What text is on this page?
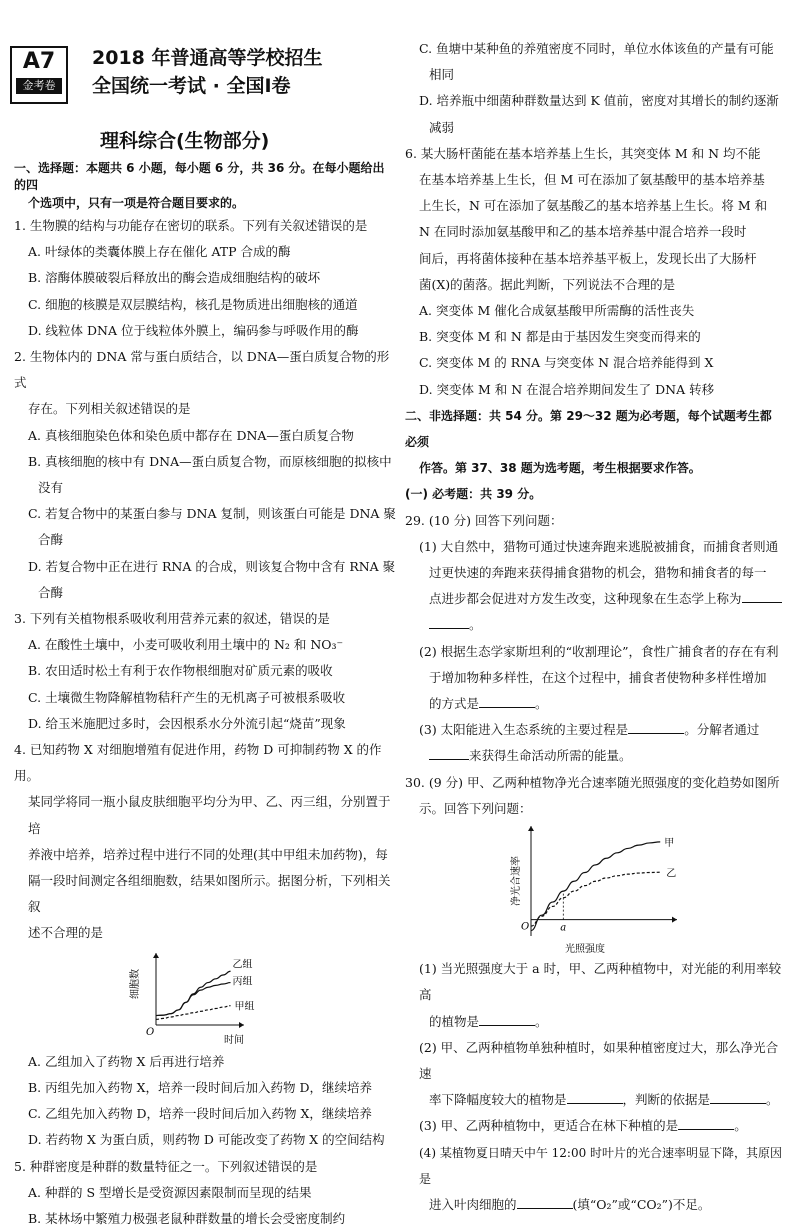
A7
金考卷
2018 年普通高等学校招生
全国统一考试 · 全国Ⅰ卷
理科综合(生物部分)

一、选择题：本题共 6 小题，每小题 6 分，共 36 分。在每小题给出的四

个选项中，只有一项是符合题目要求的。

1. 生物膜的结构与功能存在密切的联系。下列有关叙述错误的是

A. 叶绿体的类囊体膜上存在催化 ATP 合成的酶

B. 溶酶体膜破裂后释放出的酶会造成细胞结构的破坏

C. 细胞的核膜是双层膜结构，核孔是物质进出细胞核的通道

D. 线粒体 DNA 位于线粒体外膜上，编码参与呼吸作用的酶

2. 生物体内的 DNA 常与蛋白质结合，以 DNA—蛋白质复合物的形式

存在。下列相关叙述错误的是

A. 真核细胞染色体和染色质中都存在 DNA—蛋白质复合物

B. 真核细胞的核中有 DNA—蛋白质复合物，而原核细胞的拟核中

没有

C. 若复合物中的某蛋白参与 DNA 复制，则该蛋白可能是 DNA 聚

合酶

D. 若复合物中正在进行 RNA 的合成，则该复合物中含有 RNA 聚

合酶

3. 下列有关植物根系吸收利用营养元素的叙述，错误的是

A. 在酸性土壤中，小麦可吸收利用土壤中的 N₂ 和 NO₃⁻

B. 农田适时松土有利于农作物根细胞对矿质元素的吸收

C. 土壤微生物降解植物秸秆产生的无机离子可被根系吸收

D. 给玉米施肥过多时，会因根系水分外流引起“烧苗”现象

4. 已知药物 X 对细胞增殖有促进作用，药物 D 可抑制药物 X 的作用。

某同学将同一瓶小鼠皮肤细胞平均分为甲、乙、丙三组，分别置于培

养液中培养，培养过程中进行不同的处理(其中甲组未加药物)，每

隔一段时间测定各组细胞数，结果如图所示。据图分析，下列相关叙

述不合理的是

O
时间
细胞数
乙组
丙组
甲组

A. 乙组加入了药物 X 后再进行培养

B. 丙组先加入药物 X，培养一段时间后加入药物 D，继续培养

C. 乙组先加入药物 D，培养一段时间后加入药物 X，继续培养

D. 若药物 X 为蛋白质，则药物 D 可能改变了药物 X 的空间结构

5. 种群密度是种群的数量特征之一。下列叙述错误的是

A. 种群的 S 型增长是受资源因素限制而呈现的结果

B. 某林场中繁殖力极强老鼠种群数量的增长会受密度制约

C. 鱼塘中某种鱼的养殖密度不同时，单位水体该鱼的产量有可能

相同

D. 培养瓶中细菌种群数量达到 K 值前，密度对其增长的制约逐渐

减弱

6. 某大肠杆菌能在基本培养基上生长，其突变体 M 和 N 均不能

在基本培养基上生长，但 M 可在添加了氨基酸甲的基本培养基

上生长，N 可在添加了氨基酸乙的基本培养基上生长。将 M 和

N 在同时添加氨基酸甲和乙的基本培养基中混合培养一段时

间后，再将菌体接种在基本培养基平板上，发现长出了大肠杆

菌(X)的菌落。据此判断，下列说法不合理的是

A. 突变体 M 催化合成氨基酸甲所需酶的活性丧失

B. 突变体 M 和 N 都是由于基因发生突变而得来的

C. 突变体 M 的 RNA 与突变体 N 混合培养能得到 X

D. 突变体 M 和 N 在混合培养期间发生了 DNA 转移

二、非选择题：共 54 分。第 29～32 题为必考题，每个试题考生都必须

作答。第 37、38 题为选考题，考生根据要求作答。

(一) 必考题：共 39 分。

29. (10 分) 回答下列问题：

(1) 大自然中，猎物可通过快速奔跑来逃脱被捕食，而捕食者则通

过更快速的奔跑来获得捕食猎物的机会，猎物和捕食者的每一

点进步都会促进对方发生改变，这种现象在生态学上称为

。

(2) 根据生态学家斯坦利的“收割理论”，食性广捕食者的存在有利

于增加物种多样性，在这个过程中，捕食者使物种多样性增加

的方式是	。

(3) 太阳能进入生态系统的主要过程是	。分解者通过

来获得生命活动所需的能量。

30. (9 分) 甲、乙两种植物净光合速率随光照强度的变化趋势如图所

示。回答下列问题：

O
光照强度
净光合速率
a
甲
乙

(1) 当光照强度大于 a 时，甲、乙两种植物中，对光能的利用率较高

的植物是	。

(2) 甲、乙两种植物单独种植时，如果种植密度过大，那么净光合速

率下降幅度较大的植物是	，判断的依据是	。

(3) 甲、乙两种植物中，更适合在林下种植的是	。

(4) 某植物夏日晴天中午 12:00 时叶片的光合速率明显下降，其原因是

进入叶肉细胞的	(填“O₂”或“CO₂”)不足。
